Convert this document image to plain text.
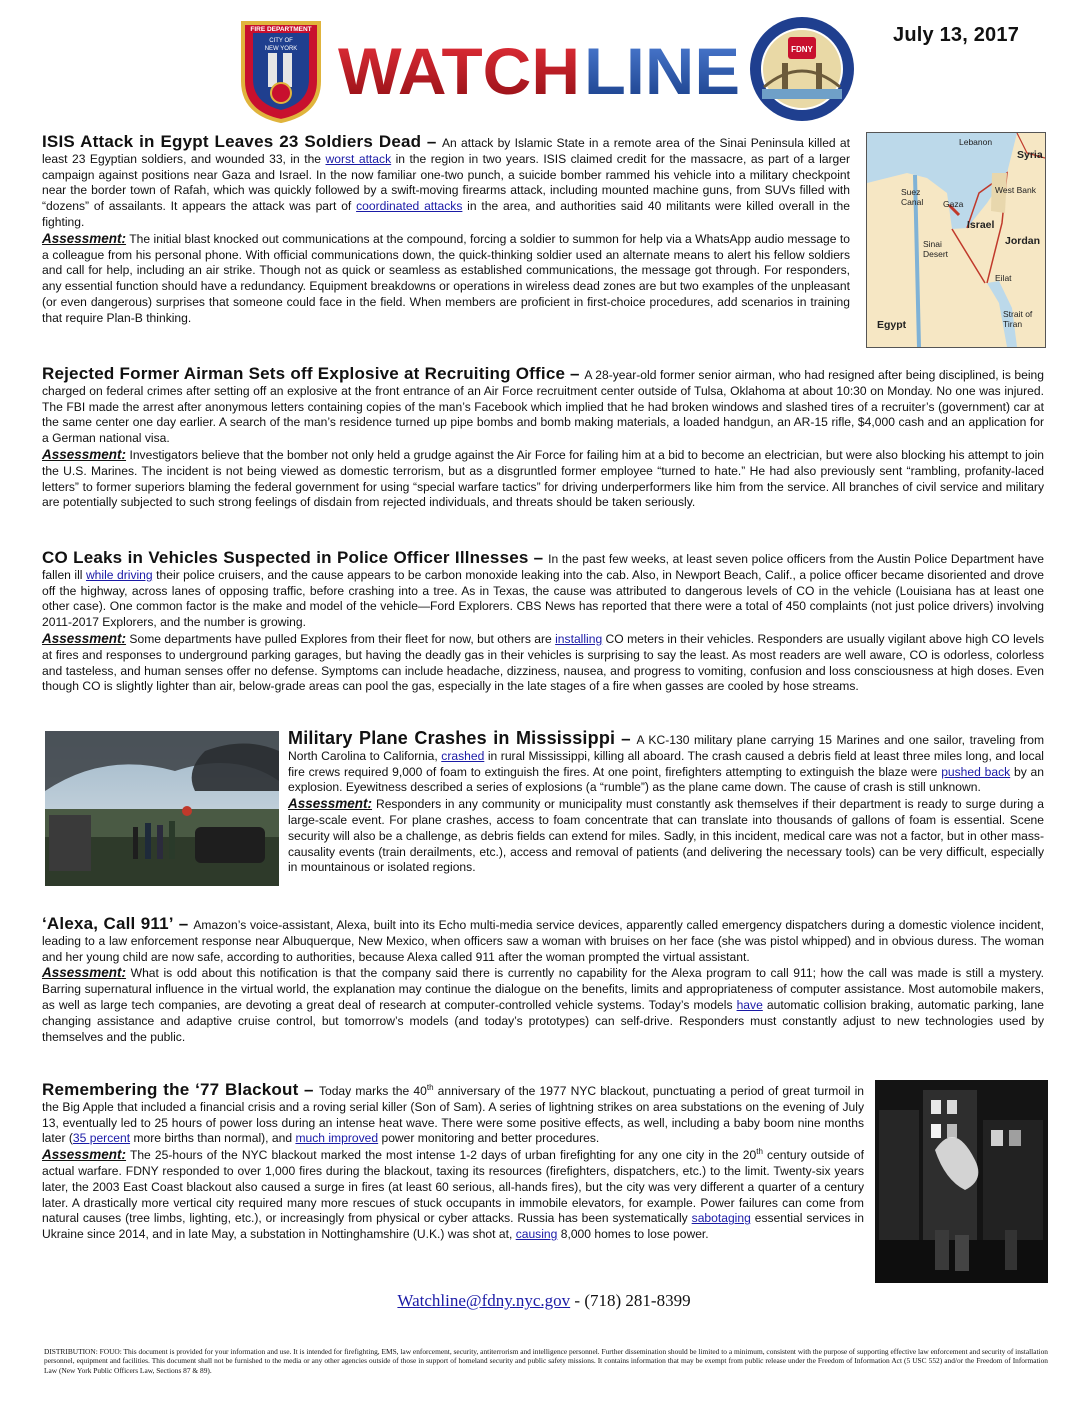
FIRE DEPARTMENT
CITY OF
NEW YORK WATCH LINE	FDNY
July 13, 2017
ISIS Attack in Egypt Leaves 23 Soldiers Dead – An attack by Islamic State in a remote area of the Sinai Peninsula killed at least 23 Egyptian soldiers, and wounded 33, in the worst attack in the region in two years. ISIS claimed credit for the massacre, as part of a larger campaign against positions near Gaza and Israel. In the now familiar one-two punch, a suicide bomber rammed his vehicle into a military checkpoint near the border town of Rafah, which was quickly followed by a swift-moving firearms attack, including mounted machine guns, from SUVs filled with “dozens” of assailants. It appears the attack was part of coordinated attacks in the area, and authorities said 40 militants were killed overall in the fighting.
Assessment: The initial blast knocked out communications at the compound, forcing a soldier to summon for help via a WhatsApp audio message to a colleague from his personal phone. With official communications down, the quick-thinking soldier used an alternate means to alert his fellow soldiers and call for help, including an air strike. Though not as quick or seamless as established communications, the message got through. For responders, any essential function should have a redundancy. Equipment breakdowns or operations in wireless dead zones are but two examples of the unpleasant (or even dangerous) surprises that someone could face in the field. When members are proficient in first-choice procedures, add scenarios in training that require Plan-B thinking.
Lebanon
Syria
Suez Canal	Gaza
Israel
West Bank
Jordan
Sinai Desert
Eilat
Egypt
Strait of Tiran
Rejected Former Airman Sets off Explosive at Recruiting Office – A 28-year-old former senior airman, who had resigned after being disciplined, is being charged on federal crimes after setting off an explosive at the front entrance of an Air Force recruitment center outside of Tulsa, Oklahoma at about 10:30 on Monday. No one was injured. The FBI made the arrest after anonymous letters containing copies of the man’s Facebook which implied that he had broken windows and slashed tires of a recruiter’s (government) car at the same center one day earlier. A search of the man’s residence turned up pipe bombs and bomb making materials, a loaded handgun, an AR-15 rifle, $4,000 cash and an application for a German national visa.
Assessment: Investigators believe that the bomber not only held a grudge against the Air Force for failing him at a bid to become an electrician, but were also blocking his attempt to join the U.S. Marines. The incident is not being viewed as domestic terrorism, but as a disgruntled former employee “turned to hate.” He had also previously sent “rambling, profanity-laced letters” to former superiors blaming the federal government for using “special warfare tactics” for driving underperformers like him from the service. All branches of civil service and military are potentially subjected to such strong feelings of disdain from rejected individuals, and threats should be taken seriously.
CO Leaks in Vehicles Suspected in Police Officer Illnesses – In the past few weeks, at least seven police officers from the Austin Police Department have fallen ill while driving their police cruisers, and the cause appears to be carbon monoxide leaking into the cab. Also, in Newport Beach, Calif., a police officer became disoriented and drove off the highway, across lanes of opposing traffic, before crashing into a tree. As in Texas, the cause was attributed to dangerous levels of CO in the vehicle (Louisiana has at least one other case). One common factor is the make and model of the vehicle—Ford Explorers. CBS News has reported that there were a total of 450 complaints (not just police drivers) involving 2011-2017 Explorers, and the number is growing.
Assessment: Some departments have pulled Explores from their fleet for now, but others are installing CO meters in their vehicles. Responders are usually vigilant above high CO levels at fires and responses to underground parking garages, but having the deadly gas in their vehicles is surprising to say the least. As most readers are well aware, CO is odorless, colorless and tasteless, and human senses offer no defense. Symptoms can include headache, dizziness, nausea, and progress to vomiting, confusion and loss consciousness at high doses. Even though CO is slightly lighter than air, below-grade areas can pool the gas, especially in the late stages of a fire when gasses are cooled by hose streams.
Military Plane Crashes in Mississippi – A KC-130 military plane carrying 15 Marines and one sailor, traveling from North Carolina to California, crashed in rural Mississippi, killing all aboard. The crash caused a debris field at least three miles long, and local fire crews required 9,000 of foam to extinguish the fires. At one point, firefighters attempting to extinguish the blaze were pushed back by an explosion. Eyewitness described a series of explosions (a “rumble”) as the plane came down. The cause of crash is still unknown.
Assessment: Responders in any community or municipality must constantly ask themselves if their department is ready to surge during a large-scale event. For plane crashes, access to foam concentrate that can translate into thousands of gallons of foam is essential. Scene security will also be a challenge, as debris fields can extend for miles. Sadly, in this incident, medical care was not a factor, but in other mass-causality events (train derailments, etc.), access and removal of patients (and delivering the necessary tools) can be very difficult, especially in mountainous or isolated regions.
‘Alexa, Call 911’ – Amazon’s voice-assistant, Alexa, built into its Echo multi-media service devices, apparently called emergency dispatchers during a domestic violence incident, leading to a law enforcement response near Albuquerque, New Mexico, when officers saw a woman with bruises on her face (she was pistol whipped) and in obvious duress. The woman and her young child are now safe, according to authorities, because Alexa called 911 after the woman prompted the virtual assistant.
Assessment: What is odd about this notification is that the company said there is currently no capability for the Alexa program to call 911; how the call was made is still a mystery. Barring supernatural influence in the virtual world, the explanation may continue the dialogue on the benefits, limits and appropriateness of computer assistance. Most automobile makers, as well as large tech companies, are devoting a great deal of research at computer-controlled vehicle systems. Today’s models have automatic collision braking, automatic parking, lane changing assistance and adaptive cruise control, but tomorrow’s models (and today’s prototypes) can self-drive. Responders must constantly adjust to new technologies used by themselves and the public.
Remembering the ‘77 Blackout – Today marks the 40th anniversary of the 1977 NYC blackout, punctuating a period of great turmoil in the Big Apple that included a financial crisis and a roving serial killer (Son of Sam). A series of lightning strikes on area substations on the evening of July 13, eventually led to 25 hours of power loss during an intense heat wave. There were some positive effects, as well, including a baby boom nine months later (35 percent more births than normal), and much improved power monitoring and better procedures.
Assessment: The 25-hours of the NYC blackout marked the most intense 1-2 days of urban firefighting for any one city in the 20th century outside of actual warfare. FDNY responded to over 1,000 fires during the blackout, taxing its resources (firefighters, dispatchers, etc.) to the limit. Twenty-six years later, the 2003 East Coast blackout also caused a surge in fires (at least 60 serious, all-hands fires), but the city was very different a quarter of a century later. A drastically more vertical city required many more rescues of stuck occupants in immobile elevators, for example. Power failures can come from natural causes (tree limbs, lighting, etc.), or increasingly from physical or cyber attacks. Russia has been systematically sabotaging essential services in Ukraine since 2014, and in late May, a substation in Nottinghamshire (U.K.) was shot at, causing 8,000 homes to lose power.
Watchline@fdny.nyc.gov - (718) 281-8399
DISTRIBUTION: FOUO: This document is provided for your information and use. It is intended for firefighting, EMS, law enforcement, security, antiterrorism and intelligence personnel. Further dissemination should be limited to a minimum, consistent with the purpose of supporting effective law enforcement and security of installation personnel, equipment and facilities. This document shall not be furnished to the media or any other agencies outside of those in support of homeland security and public safety missions. It contains information that may be exempt from public release under the Freedom of Information Act (5 USC 552) and/or the Freedom of Information Law (New York Public Officers Law, Sections 87 & 89).
